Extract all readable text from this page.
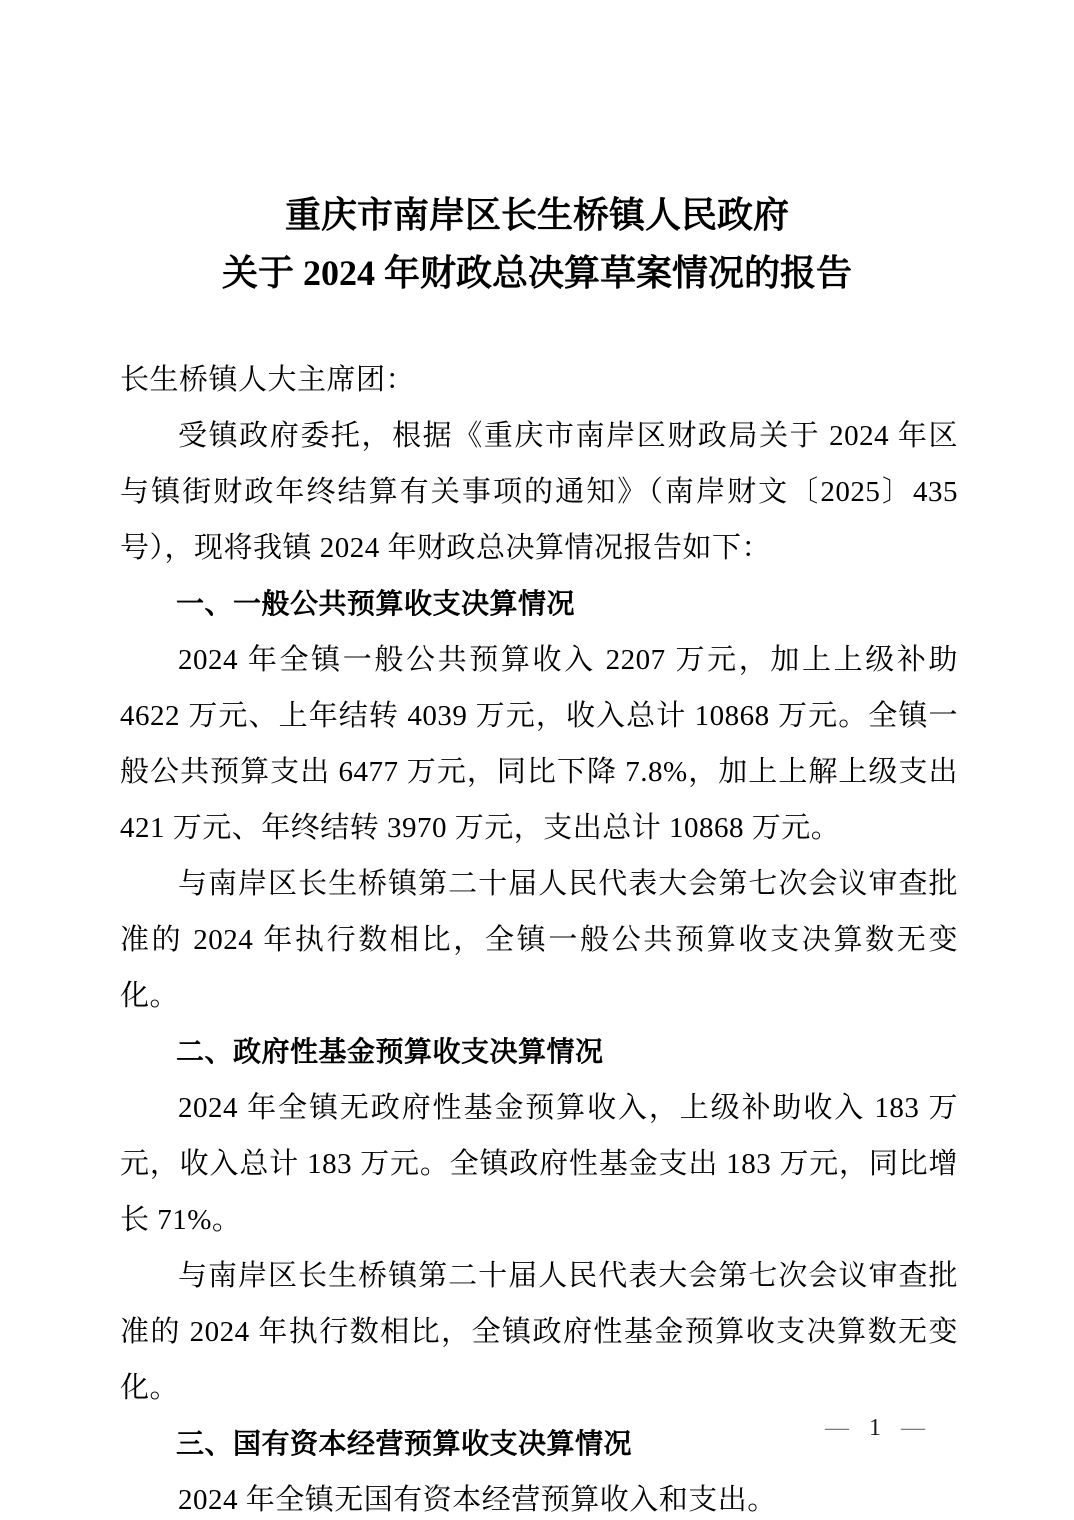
重庆市南岸区长生桥镇人民政府
关于 2024 年财政总决算草案情况的报告

长生桥镇人大主席团：

受镇政府委托，根据《重庆市南岸区财政局关于 2024 年区与镇街财政年终结算有关事项的通知》（南岸财文〔2025〕435 号），现将我镇 2024 年财政总决算情况报告如下：

一、一般公共预算收支决算情况

2024 年全镇一般公共预算收入 2207 万元，加上上级补助 4622 万元、上年结转 4039 万元，收入总计 10868 万元。全镇一般公共预算支出 6477 万元，同比下降 7.8%，加上上解上级支出 421 万元、年终结转 3970 万元，支出总计 10868 万元。

与南岸区长生桥镇第二十届人民代表大会第七次会议审查批准的 2024 年执行数相比，全镇一般公共预算收支决算数无变化。

二、政府性基金预算收支决算情况

2024 年全镇无政府性基金预算收入，上级补助收入 183 万元，收入总计 183 万元。全镇政府性基金支出 183 万元，同比增长 71%。

与南岸区长生桥镇第二十届人民代表大会第七次会议审查批准的 2024 年执行数相比，全镇政府性基金预算收支决算数无变化。

三、国有资本经营预算收支决算情况

2024 年全镇无国有资本经营预算收入和支出。

— 1 —
